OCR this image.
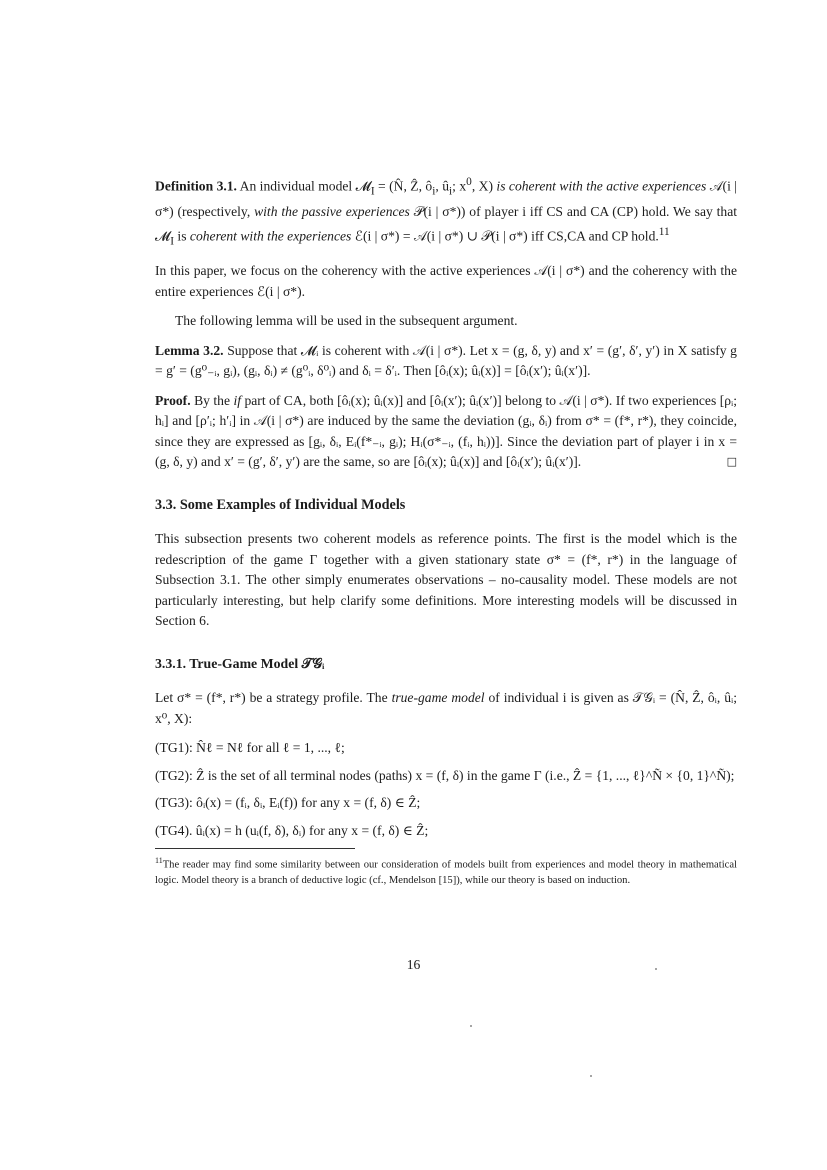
Definition 3.1. An individual model 𝓜$_I$ = (N̂, Ẑ, $ô_i$, $û_i$; $x^0$, X) is coherent with the active experiences 𝒜(i | σ*) (respectively, with the passive experiences 𝒫(i | σ*)) of player i iff CS and CA (CP) hold. We say that 𝓜$_I$ is coherent with the experiences ℰ(i | σ*) = 𝒜(i | σ*) ∪ 𝒫(i | σ*) iff CS,CA and CP hold.$^{11}$

In this paper, we focus on the coherency with the active experiences 𝒜(i | σ*) and the coherency with the entire experiences ℰ(i | σ*).

The following lemma will be used in the subsequent argument.

Lemma 3.2. Suppose that 𝓜ᵢ is coherent with 𝒜(i | σ*). Let x = (g, δ, y) and x′ = (g′, δ′, y′) in X satisfy g = g′ = (g⁰₋ᵢ, gᵢ), (gᵢ, δᵢ) ≠ (g⁰ᵢ, δ⁰ᵢ) and δᵢ = δ′ᵢ. Then [ôᵢ(x); ûᵢ(x)] = [ôᵢ(x′); ûᵢ(x′)].

Proof. By the if part of CA, both [ôᵢ(x); ûᵢ(x)] and [ôᵢ(x′); ûᵢ(x′)] belong to 𝒜(i | σ*). If two experiences [ρᵢ; hᵢ] and [ρ′ᵢ; h′ᵢ] in 𝒜(i | σ*) are induced by the same the deviation (gᵢ, δᵢ) from σ* = (f*, r*), they coincide, since they are expressed as [gᵢ, δᵢ, Eᵢ(f*₋ᵢ, gᵢ); Hᵢ(σ*₋ᵢ, (fᵢ, hᵢ))]. Since the deviation part of player i in x = (g, δ, y) and x′ = (g′, δ′, y′) are the same, so are [ôᵢ(x); ûᵢ(x)] and [ôᵢ(x′); ûᵢ(x′)].	□

3.3. Some Examples of Individual Models

This subsection presents two coherent models as reference points. The first is the model which is the redescription of the game Γ together with a given stationary state σ* = (f*, r*) in the language of Subsection 3.1. The other simply enumerates observations – no-causality model. These models are not particularly interesting, but help clarify some definitions. More interesting models will be discussed in Section 6.

3.3.1. True-Game Model 𝒯𝒢ᵢ

Let σ* = (f*, r*) be a strategy profile. The true-game model of individual i is given as 𝒯𝒢ᵢ = (N̂, Ẑ, ôᵢ, ûᵢ; x⁰, X):

(TG1): N̂ℓ = Nℓ for all ℓ = 1, ..., ℓ;

(TG2): Ẑ is the set of all terminal nodes (paths) x = (f, δ) in the game Γ (i.e., Ẑ = {1, ..., ℓ}^Ñ × {0, 1}^Ñ);

(TG3): ôᵢ(x) = (fᵢ, δᵢ, Eᵢ(f)) for any x = (f, δ) ∈ Ẑ;

(TG4). ûᵢ(x) = h (uᵢ(f, δ), δᵢ) for any x = (f, δ) ∈ Ẑ;

$^{11}$The reader may find some similarity between our consideration of models built from experiences and model theory in mathematical logic. Model theory is a branch of deductive logic (cf., Mendelson [15]), while our theory is based on induction.

16
